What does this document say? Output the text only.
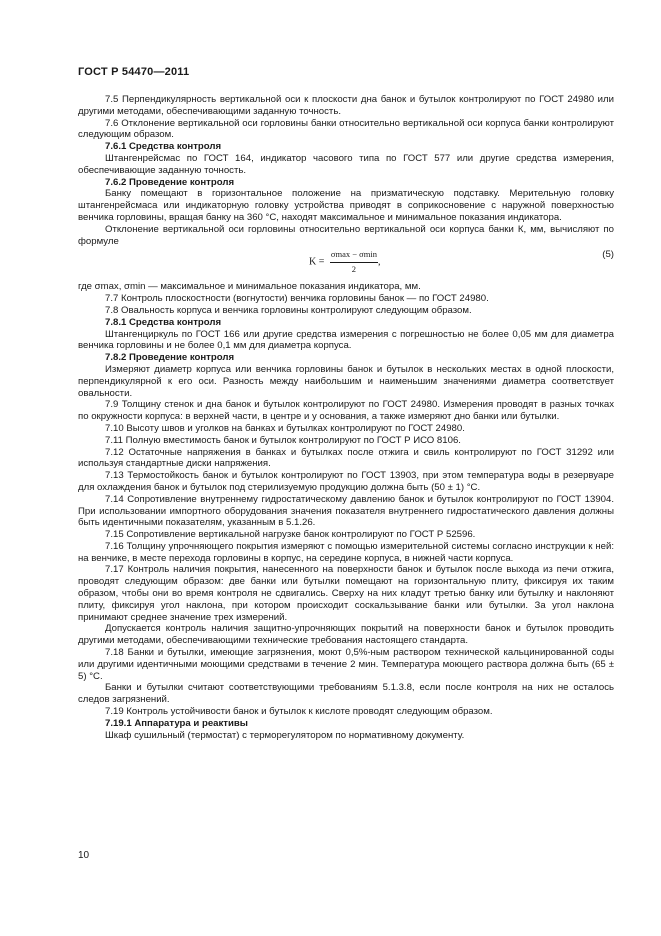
ГОСТ Р 54470—2011

7.5 Перпендикулярность вертикальной оси к плоскости дна банок и бутылок контролируют по ГОСТ 24980 или другими методами, обеспечивающими заданную точность.

7.6 Отклонение вертикальной оси горловины банки относительно вертикальной оси корпуса банки контролируют следующим образом.

7.6.1 Средства контроля

Штангенрейсмас по ГОСТ 164, индикатор часового типа по ГОСТ 577 или другие средства измерения, обеспечивающие заданную точность.

7.6.2 Проведение контроля

Банку помещают в горизонтальное положение на призматическую подставку. Мерительную головку штангенрейсмаса или индикаторную головку устройства приводят в соприкосновение с наружной поверхностью венчика горловины, вращая банку на 360 °С, находят максимальное и минимальное показания индикатора.

Отклонение вертикальной оси горловины относительно вертикальной оси корпуса банки К, мм, вычисляют по формуле

$K = \frac{\sigma\max - \sigma\min}{2}$ ,
(5)

где σmax, σmin — максимальное и минимальное показания индикатора, мм.

7.7 Контроль плоскостности (вогнутости) венчика горловины банок — по ГОСТ 24980.

7.8 Овальность корпуса и венчика горловины контролируют следующим образом.

7.8.1 Средства контроля

Штангенциркуль по ГОСТ 166 или другие средства измерения с погрешностью не более 0,05 мм для диаметра венчика горловины и не более 0,1 мм для диаметра корпуса.

7.8.2 Проведение контроля

Измеряют диаметр корпуса или венчика горловины банок и бутылок в нескольких местах в одной плоскости, перпендикулярной к его оси. Разность между наибольшим и наименьшим значениями диаметра соответствует овальности.

7.9 Толщину стенок и дна банок и бутылок контролируют по ГОСТ 24980. Измерения проводят в разных точках по окружности корпуса: в верхней части, в центре и у основания, а также измеряют дно банки или бутылки.

7.10 Высоту швов и уголков на банках и бутылках контролируют по ГОСТ 24980.

7.11 Полную вместимость банок и бутылок контролируют по ГОСТ Р ИСО 8106.

7.12 Остаточные напряжения в банках и бутылках после отжига и свиль контролируют по ГОСТ 31292 или используя стандартные диски напряжения.

7.13 Термостойкость банок и бутылок контролируют по ГОСТ 13903, при этом температура воды в резервуаре для охлаждения банок и бутылок под стерилизуемую продукцию должна быть (50 ± 1) °С.

7.14 Сопротивление внутреннему гидростатическому давлению банок и бутылок контролируют по ГОСТ 13904. При использовании импортного оборудования значения показателя внутреннего гидростатического давления должны быть идентичными показателям, указанным в 5.1.26.

7.15 Сопротивление вертикальной нагрузке банок контролируют по ГОСТ Р 52596.

7.16 Толщину упрочняющего покрытия измеряют с помощью измерительной системы согласно инструкции к ней: на венчике, в месте перехода горловины в корпус, на середине корпуса, в нижней части корпуса.

7.17 Контроль наличия покрытия, нанесенного на поверхности банок и бутылок после выхода из печи отжига, проводят следующим образом: две банки или бутылки помещают на горизонтальную плиту, фиксируя их таким образом, чтобы они во время контроля не сдвигались. Сверху на них кладут третью банку или бутылку и наклоняют плиту, фиксируя угол наклона, при котором происходит соскальзывание банки или бутылки. За угол наклона принимают среднее значение трех измерений.

Допускается контроль наличия защитно-упрочняющих покрытий на поверхности банок и бутылок проводить другими методами, обеспечивающими технические требования настоящего стандарта.

7.18 Банки и бутылки, имеющие загрязнения, моют 0,5%-ным раствором технической кальцинированной соды или другими идентичными моющими средствами в течение 2 мин. Температура моющего раствора должна быть (65 ± 5) °С.

Банки и бутылки считают соответствующими требованиям 5.1.3.8, если после контроля на них не осталось следов загрязнений.

7.19 Контроль устойчивости банок и бутылок к кислоте проводят следующим образом.

7.19.1 Аппаратура и реактивы

Шкаф сушильный (термостат) с терморегулятором по нормативному документу.

10
